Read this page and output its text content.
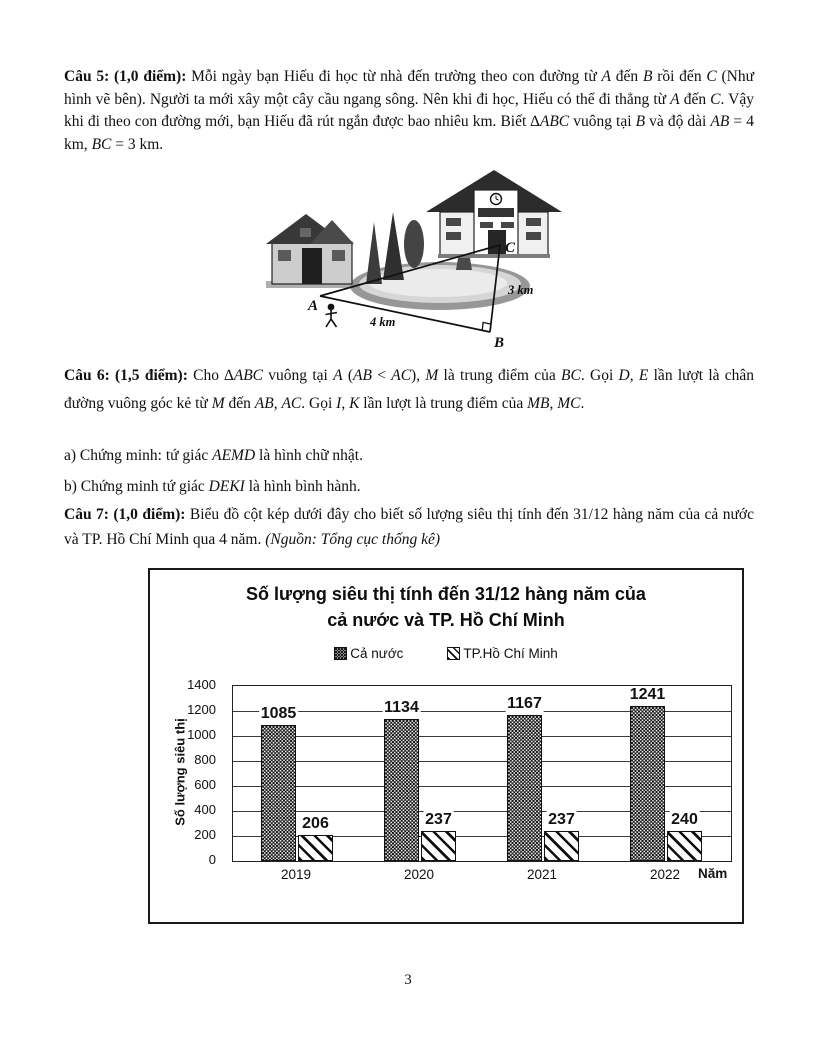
Câu 5: (1,0 điểm): Mỗi ngày bạn Hiếu đi học từ nhà đến trường theo con đường từ A đến B rồi đến C (Như hình vẽ bên). Người ta mới xây một cây cầu ngang sông. Nên khi đi học, Hiếu có thể đi thẳng từ A đến C. Vậy khi đi theo con đường mới, bạn Hiếu đã rút ngắn được bao nhiêu km. Biết ∆ABC vuông tại B và độ dài AB = 4 km, BC = 3 km.
A
B
C
4 km
3 km
Câu 6: (1,5 điểm): Cho ∆ABC vuông tại A (AB < AC), M là trung điểm của BC. Gọi D, E lần lượt là chân đường vuông góc kẻ từ M đến AB, AC. Gọi I, K lần lượt là trung điểm của MB, MC.
a) Chứng minh: tứ giác AEMD là hình chữ nhật.
b) Chứng minh tứ giác DEKI là hình bình hành.
Câu 7: (1,0 điểm): Biểu đồ cột kép dưới đây cho biết số lượng siêu thị tính đến 31/12 hàng năm của cả nước và TP. Hồ Chí Minh qua 4 năm. (Nguồn: Tổng cục thống kê)
Số lượng siêu thị tính đến 31/12 hàng năm của
cả nước và TP. Hồ Chí Minh
Cả nước	TP.Hồ Chí Minh
Số lượng siêu thị
0
200
400
600
800
1000
1200
1400
1085
206
1134
237
1167
237
1241
240
2019	2020	2021	2022 Năm
3
